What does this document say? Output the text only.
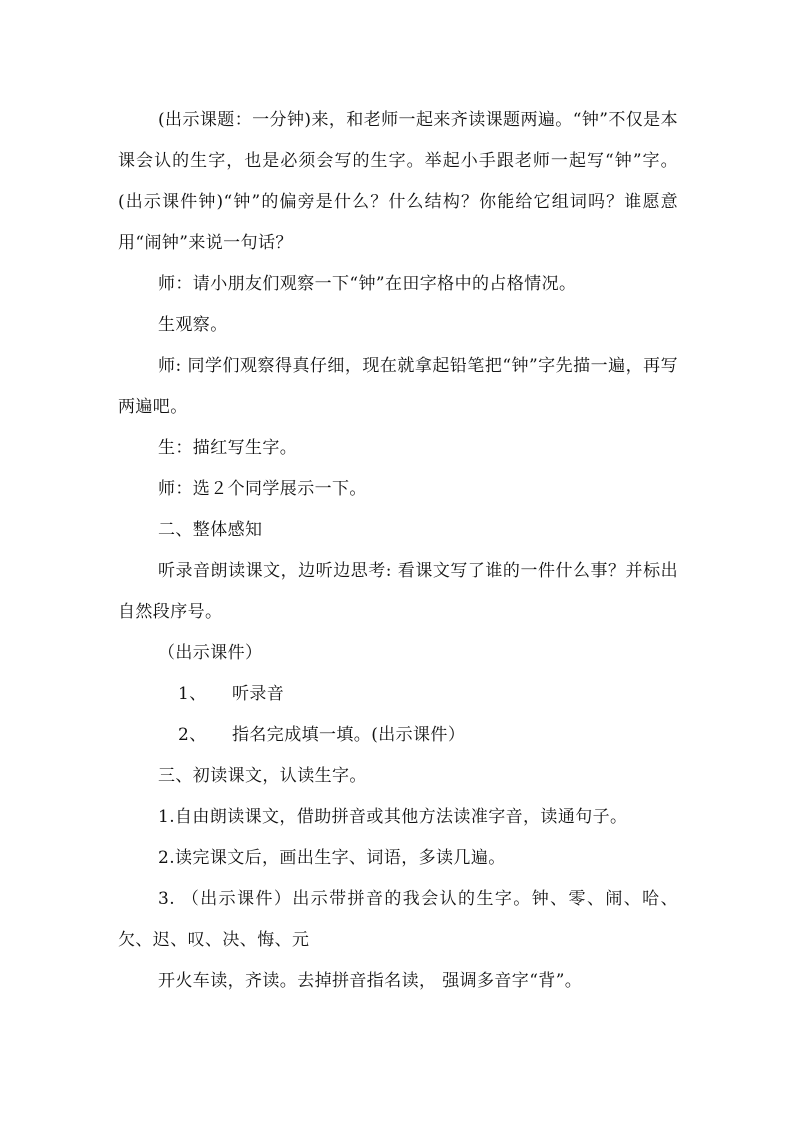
(出示课题：一分钟)来，和老师一起来齐读课题两遍。“钟”不仅是本课会认的生字，也是必须会写的生字。举起小手跟老师一起写“钟”字。(出示课件钟)“钟”的偏旁是什么？什么结构？你能给它组词吗？谁愿意用“闹钟”来说一句话？

师：请小朋友们观察一下“钟”在田字格中的占格情况。

生观察。

师: 同学们观察得真仔细，现在就拿起铅笔把“钟”字先描一遍，再写两遍吧。

生：描红写生字。

师：选２个同学展示一下。

二、整体感知

听录音朗读课文，边听边思考: 看课文写了谁的一件什么事？并标出自然段序号。

（出示课件）

1、 听录音

2、 指名完成填一填。(出示课件）

三、初读课文，认读生字。

1.自由朗读课文，借助拼音或其他方法读准字音，读通句子。

2.读完课文后，画出生字、词语，多读几遍。

3. （出示课件）出示带拼音的我会认的生字。钟、零、闹、哈、欠、迟、叹、决、悔、元

开火车读，齐读。去掉拼音指名读， 强调多音字“背”。
